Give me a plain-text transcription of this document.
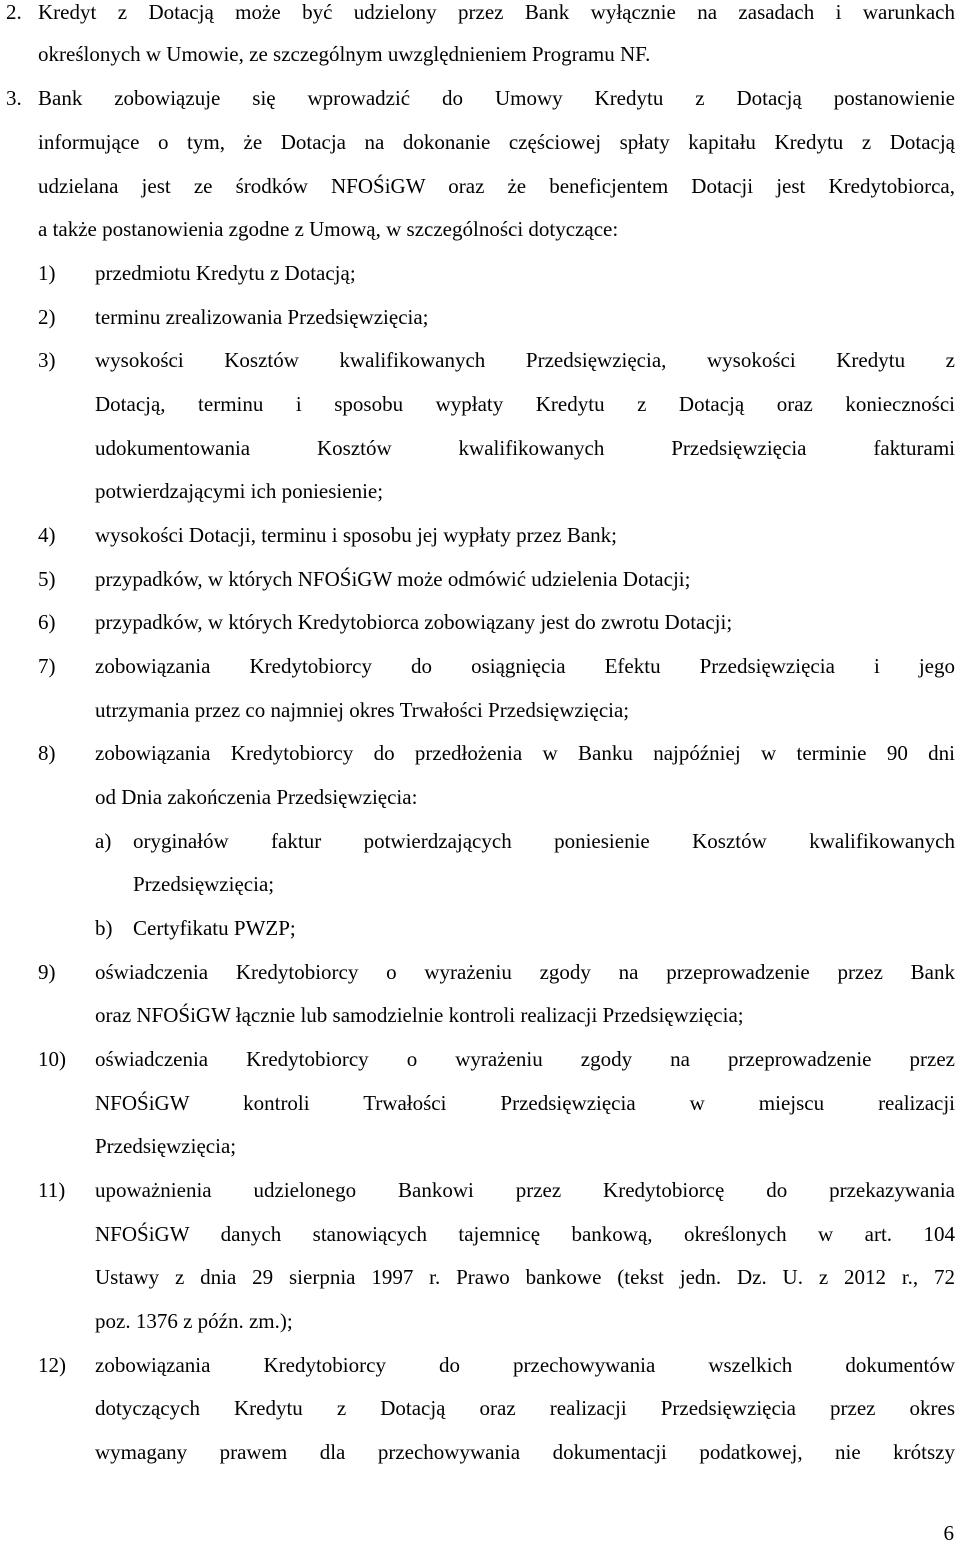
2. Kredyt z Dotacją może być udzielony przez Bank wyłącznie na zasadach i warunkach
określonych w Umowie, ze szczególnym uwzględnieniem Programu NF.
3. Bank zobowiązuje się wprowadzić do Umowy Kredytu z Dotacją postanowienie
informujące o tym, że Dotacja na dokonanie częściowej spłaty kapitału Kredytu z Dotacją
udzielana jest ze środków NFOŚiGW oraz że beneficjentem Dotacji jest Kredytobiorca,
a także postanowienia zgodne z Umową, w szczególności dotyczące:
1) przedmiotu Kredytu z Dotacją;
2) terminu zrealizowania Przedsięwzięcia;
3) wysokości Kosztów kwalifikowanych Przedsięwzięcia, wysokości Kredytu z
Dotacją, terminu i sposobu wypłaty Kredytu z Dotacją oraz konieczności
udokumentowania Kosztów kwalifikowanych Przedsięwzięcia fakturami
potwierdzającymi ich poniesienie;
4) wysokości Dotacji, terminu i sposobu jej wypłaty przez Bank;
5) przypadków, w których NFOŚiGW może odmówić udzielenia Dotacji;
6) przypadków, w których Kredytobiorca zobowiązany jest do zwrotu Dotacji;
7) zobowiązania Kredytobiorcy do osiągnięcia Efektu Przedsięwzięcia i jego
utrzymania przez co najmniej okres Trwałości Przedsięwzięcia;
8) zobowiązania Kredytobiorcy do przedłożenia w Banku najpóźniej w terminie 90 dni
od Dnia zakończenia Przedsięwzięcia:
a) oryginałów faktur potwierdzających poniesienie Kosztów kwalifikowanych
Przedsięwzięcia;
b) Certyfikatu PWZP;
9) oświadczenia Kredytobiorcy o wyrażeniu zgody na przeprowadzenie przez Bank
oraz NFOŚiGW łącznie lub samodzielnie kontroli realizacji Przedsięwzięcia;
10) oświadczenia Kredytobiorcy o wyrażeniu zgody na przeprowadzenie przez
NFOŚiGW kontroli Trwałości Przedsięwzięcia w miejscu realizacji
Przedsięwzięcia;
11) upoważnienia udzielonego Bankowi przez Kredytobiorcę do przekazywania
NFOŚiGW danych stanowiących tajemnicę bankową, określonych w art. 104
Ustawy z dnia 29 sierpnia 1997 r. Prawo bankowe (tekst jedn. Dz. U. z 2012 r., 72
poz. 1376 z późn. zm.);
12) zobowiązania Kredytobiorcy do przechowywania wszelkich dokumentów
dotyczących Kredytu z Dotacją oraz realizacji Przedsięwzięcia przez okres
wymagany prawem dla przechowywania dokumentacji podatkowej, nie krótszy
6
